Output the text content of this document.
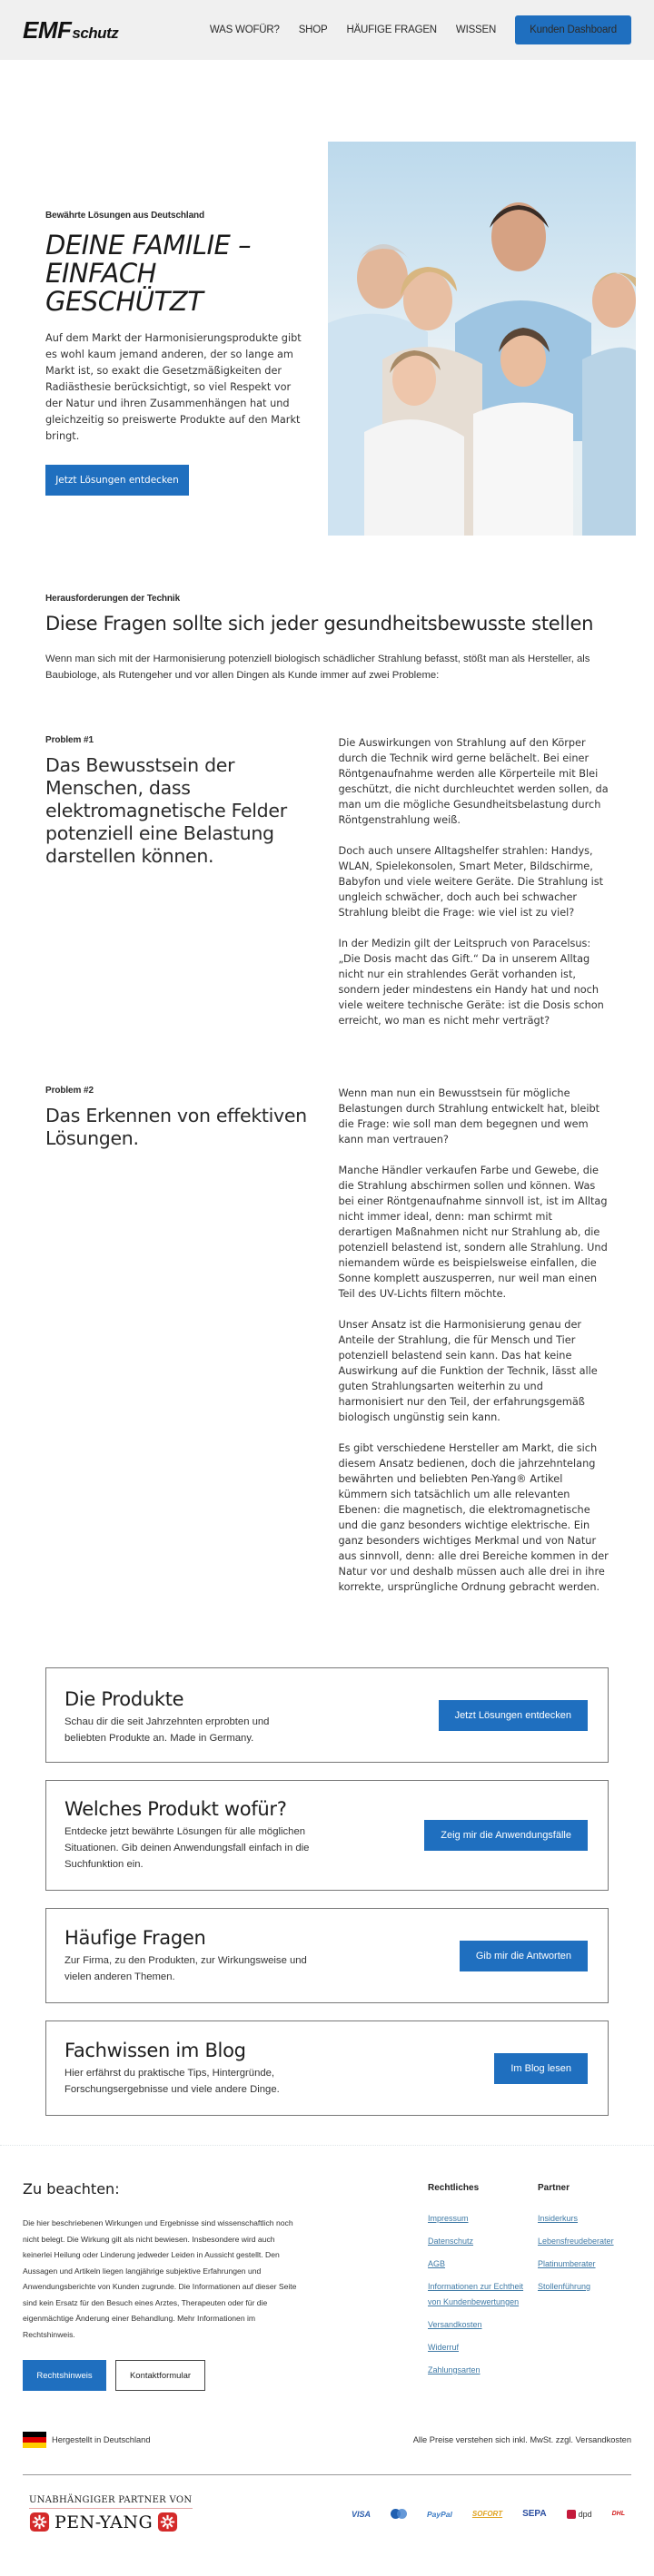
EMF schutz	WAS WOFÜR? SHOP HÄUFIGE FRAGEN WISSEN	Kunden Dashboard
Bewährte Lösungen aus Deutschland
DEINE FAMILIE – EINFACH GESCHÜTZT

Auf dem Markt der Harmonisierungsprodukte gibt es wohl kaum jemand anderen, der so lange am Markt ist, so exakt die Gesetzmäßigkeiten der Radiästhesie berücksichtigt, so viel Respekt vor der Natur und ihren Zusammenhängen hat und gleichzeitig so preiswerte Produkte auf den Markt bringt.

Jetzt Lösungen entdecken
Herausforderungen der Technik
Diese Fragen sollte sich jeder gesundheitsbewusste stellen

Wenn man sich mit der Harmonisierung potenziell biologisch schädlicher Strahlung befasst, stößt man als Hersteller, als Baubiologe, als Rutengeher und vor allen Dingen als Kunde immer auf zwei Probleme:

Problem #1
Das Bewusstsein der Menschen, dass elektromagnetische Felder potenziell eine Belastung darstellen können.

Die Auswirkungen von Strahlung auf den Körper durch die Technik wird gerne belächelt. Bei einer Röntgenaufnahme werden alle Körperteile mit Blei geschützt, die nicht durchleuchtet werden sollen, da man um die mögliche Gesundheitsbelastung durch Röntgenstrahlung weiß.

Doch auch unsere Alltagshelfer strahlen: Handys, WLAN, Spielekonsolen, Smart Meter, Bildschirme, Babyfon und viele weitere Geräte. Die Strahlung ist ungleich schwächer, doch auch bei schwacher Strahlung bleibt die Frage: wie viel ist zu viel?

In der Medizin gilt der Leitspruch von Paracelsus: „Die Dosis macht das Gift.“ Da in unserem Alltag nicht nur ein strahlendes Gerät vorhanden ist, sondern jeder mindestens ein Handy hat und noch viele weitere technische Geräte: ist die Dosis schon erreicht, wo man es nicht mehr verträgt?

Problem #2
Das Erkennen von effektiven Lösungen.

Wenn man nun ein Bewusstsein für mögliche Belastungen durch Strahlung entwickelt hat, bleibt die Frage: wie soll man dem begegnen und wem kann man vertrauen?

Manche Händler verkaufen Farbe und Gewebe, die die Strahlung abschirmen sollen und können. Was bei einer Röntgenaufnahme sinnvoll ist, ist im Alltag nicht immer ideal, denn: man schirmt mit derartigen Maßnahmen nicht nur Strahlung ab, die potenziell belastend ist, sondern alle Strahlung. Und niemandem würde es beispielsweise einfallen, die Sonne komplett auszusperren, nur weil man einen Teil des UV-Lichts filtern möchte.

Unser Ansatz ist die Harmonisierung genau der Anteile der Strahlung, die für Mensch und Tier potenziell belastend sein kann. Das hat keine Auswirkung auf die Funktion der Technik, lässt alle guten Strahlungsarten weiterhin zu und harmonisiert nur den Teil, der erfahrungsgemäß biologisch ungünstig sein kann.

Es gibt verschiedene Hersteller am Markt, die sich diesem Ansatz bedienen, doch die jahrzehntelang bewährten und beliebten Pen-Yang® Artikel kümmern sich tatsächlich um alle relevanten Ebenen: die magnetisch, die elektromagnetische und die ganz besonders wichtige elektrische. Ein ganz besonders wichtiges Merkmal und von Natur aus sinnvoll, denn: alle drei Bereiche kommen in der Natur vor und deshalb müssen auch alle drei in ihre korrekte, ursprüngliche Ordnung gebracht werden.

Die Produkte
Schau dir die seit Jahrzehnten erprobten und beliebten Produkte an. Made in Germany.
Jetzt Lösungen entdecken
Welches Produkt wofür?
Entdecke jetzt bewährte Lösungen für alle möglichen Situationen. Gib deinen Anwendungsfall einfach in die Suchfunktion ein.
Zeig mir die Anwendungsfälle
Häufige Fragen
Zur Firma, zu den Produkten, zur Wirkungsweise und vielen anderen Themen.
Gib mir die Antworten
Fachwissen im Blog
Hier erfährst du praktische Tips, Hintergründe, Forschungsergebnisse und viele andere Dinge.
Im Blog lesen
Zu beachten:

Die hier beschriebenen Wirkungen und Ergebnisse sind wissenschaftlich noch nicht belegt. Die Wirkung gilt als nicht bewiesen. Insbesondere wird auch keinerlei Heilung oder Linderung jedweder Leiden in Aussicht gestellt. Den Aussagen und Artikeln liegen langjährige subjektive Erfahrungen und Anwendungsberichte von Kunden zugrunde. Die Informationen auf dieser Seite sind kein Ersatz für den Besuch eines Arztes, Therapeuten oder für die eigenmächtige Änderung einer Behandlung. Mehr Informationen im Rechtshinweis.

Rechtshinweis	Kontaktformular
Rechtliches
Impressum
Datenschutz
AGB
Informationen zur Echtheit von Kundenbewertungen
Versandkosten
Widerruf
Zahlungsarten
Partner
Insiderkurs
Lebensfreudeberater
Platinumberater
Stollenführung
Hergestellt in Deutschland	Alle Preise verstehen sich inkl. MwSt. zzgl. Versandkosten
UNABHÄNGIGER PARTNER VON
PEN-YANG	VISA	PayPal	SOFORT SEPA	dpd	DHL
